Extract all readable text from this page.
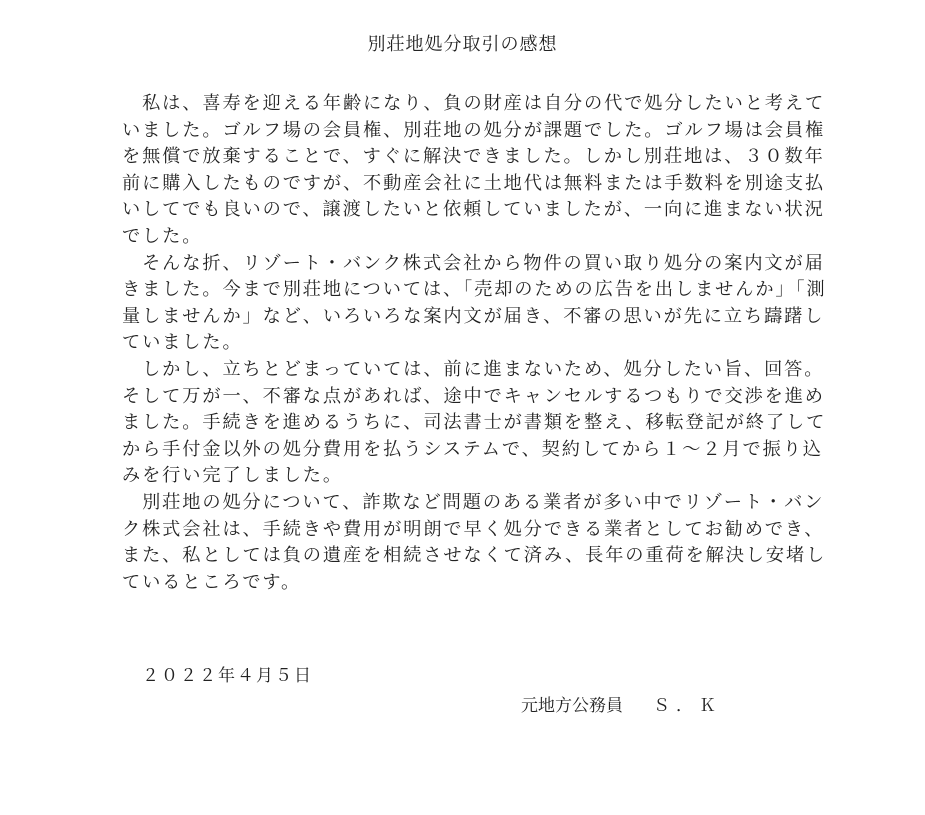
別荘地処分取引の感想
　私は、喜寿を迎える年齢になり、負の財産は自分の代で処分したいと考えて
いました。ゴルフ場の会員権、別荘地の処分が課題でした。ゴルフ場は会員権
を無償で放棄することで、すぐに解決できました。しかし別荘地は、３０数年
前に購入したものですが、不動産会社に土地代は無料または手数料を別途支払
いしてでも良いので、譲渡したいと依頼していましたが、一向に進まない状況
でした。
　そんな折、リゾート・バンク株式会社から物件の買い取り処分の案内文が届
きました。今まで別荘地については、「売却のための広告を出しませんか」「測
量しませんか」など、いろいろな案内文が届き、不審の思いが先に立ち躊躇し
ていました。
　しかし、立ちとどまっていては、前に進まないため、処分したい旨、回答。
そして万が一、不審な点があれば、途中でキャンセルするつもりで交渉を進め
ました。手続きを進めるうちに、司法書士が書類を整え、移転登記が終了して
から手付金以外の処分費用を払うシステムで、契約してから１～２月で振り込
みを行い完了しました。
　別荘地の処分について、詐欺など問題のある業者が多い中でリゾート・バン
ク株式会社は、手続きや費用が明朗で早く処分できる業者としてお勧めでき、
また、私としては負の遺産を相続させなくて済み、長年の重荷を解決し安堵し
ているところです。
２０２２年４月５日
元地方公務員 Ｓ．Ｋ
